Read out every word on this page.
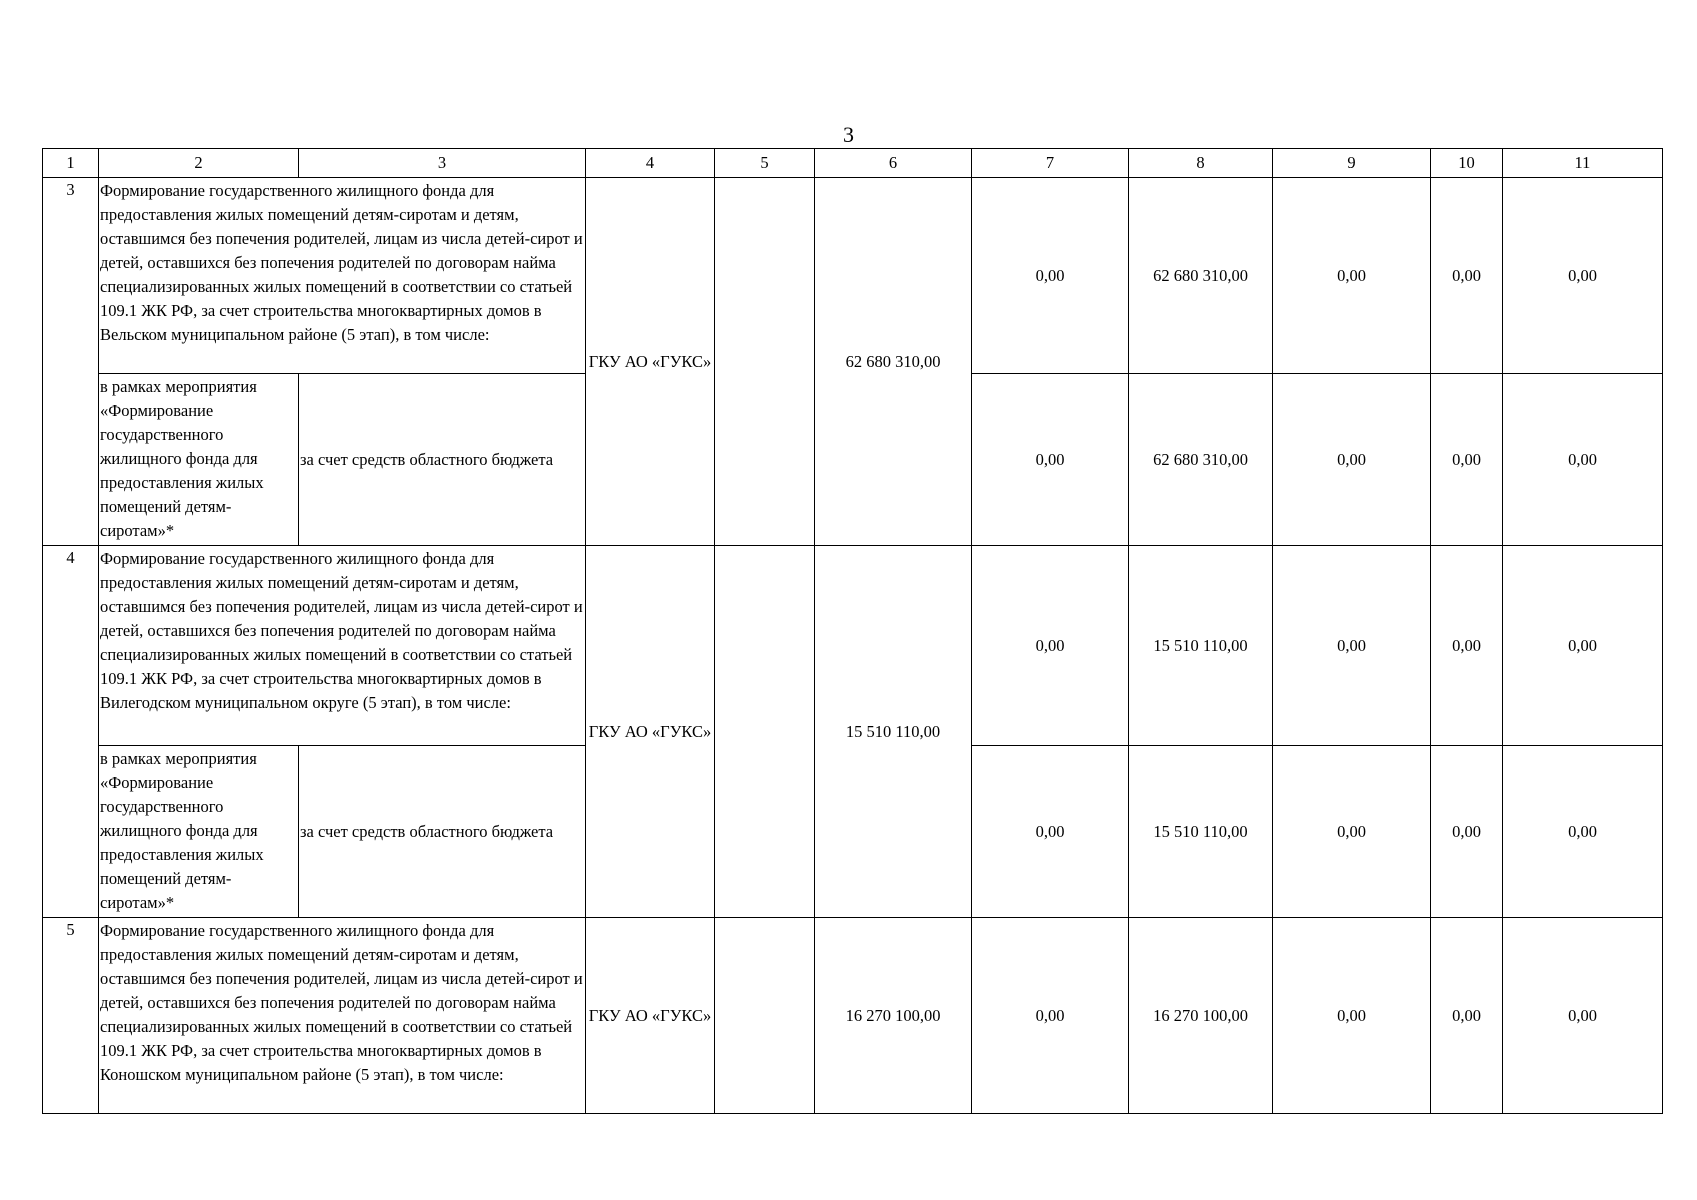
3
1	2	3	4	5	6	7	8	9	10	11
3	Формирование государственного жилищного фонда для предоставления жилых помещений детям-сиротам и детям, оставшимся без попечения родителей, лицам из числа детей-сирот и детей, оставшихся без попечения родителей по договорам найма специализированных жилых помещений в соответствии со статьей 109.1 ЖК РФ, за счет строительства многоквартирных домов в Вельском муниципальном районе (5 этап), в том числе:		ГКУ АО «ГУКС»		62 680 310,00	0,00	62 680 310,00	0,00	0,00	0,00
	в рамках мероприятия «Формирование государственного жилищного фонда для предоставления жилых помещений детям-сиротам»*	за счет средств областного бюджета				0,00	62 680 310,00	0,00	0,00	0,00
4	Формирование государственного жилищного фонда для предоставления жилых помещений детям-сиротам и детям, оставшимся без попечения родителей, лицам из числа детей-сирот и детей, оставшихся без попечения родителей по договорам найма специализированных жилых помещений в соответствии со статьей 109.1 ЖК РФ, за счет строительства многоквартирных домов в Вилегодском муниципальном округе (5 этап), в том числе:		ГКУ АО «ГУКС»		15 510 110,00	0,00	15 510 110,00	0,00	0,00	0,00
	в рамках мероприятия «Формирование государственного жилищного фонда для предоставления жилых помещений детям-сиротам»*	за счет средств областного бюджета				0,00	15 510 110,00	0,00	0,00	0,00
5	Формирование государственного жилищного фонда для предоставления жилых помещений детям-сиротам и детям, оставшимся без попечения родителей, лицам из числа детей-сирот и детей, оставшихся без попечения родителей по договорам найма специализированных жилых помещений в соответствии со статьей 109.1 ЖК РФ, за счет строительства многоквартирных домов в Коношском муниципальном районе (5 этап), в том числе:		ГКУ АО «ГУКС»		16 270 100,00	0,00	16 270 100,00	0,00	0,00	0,00
